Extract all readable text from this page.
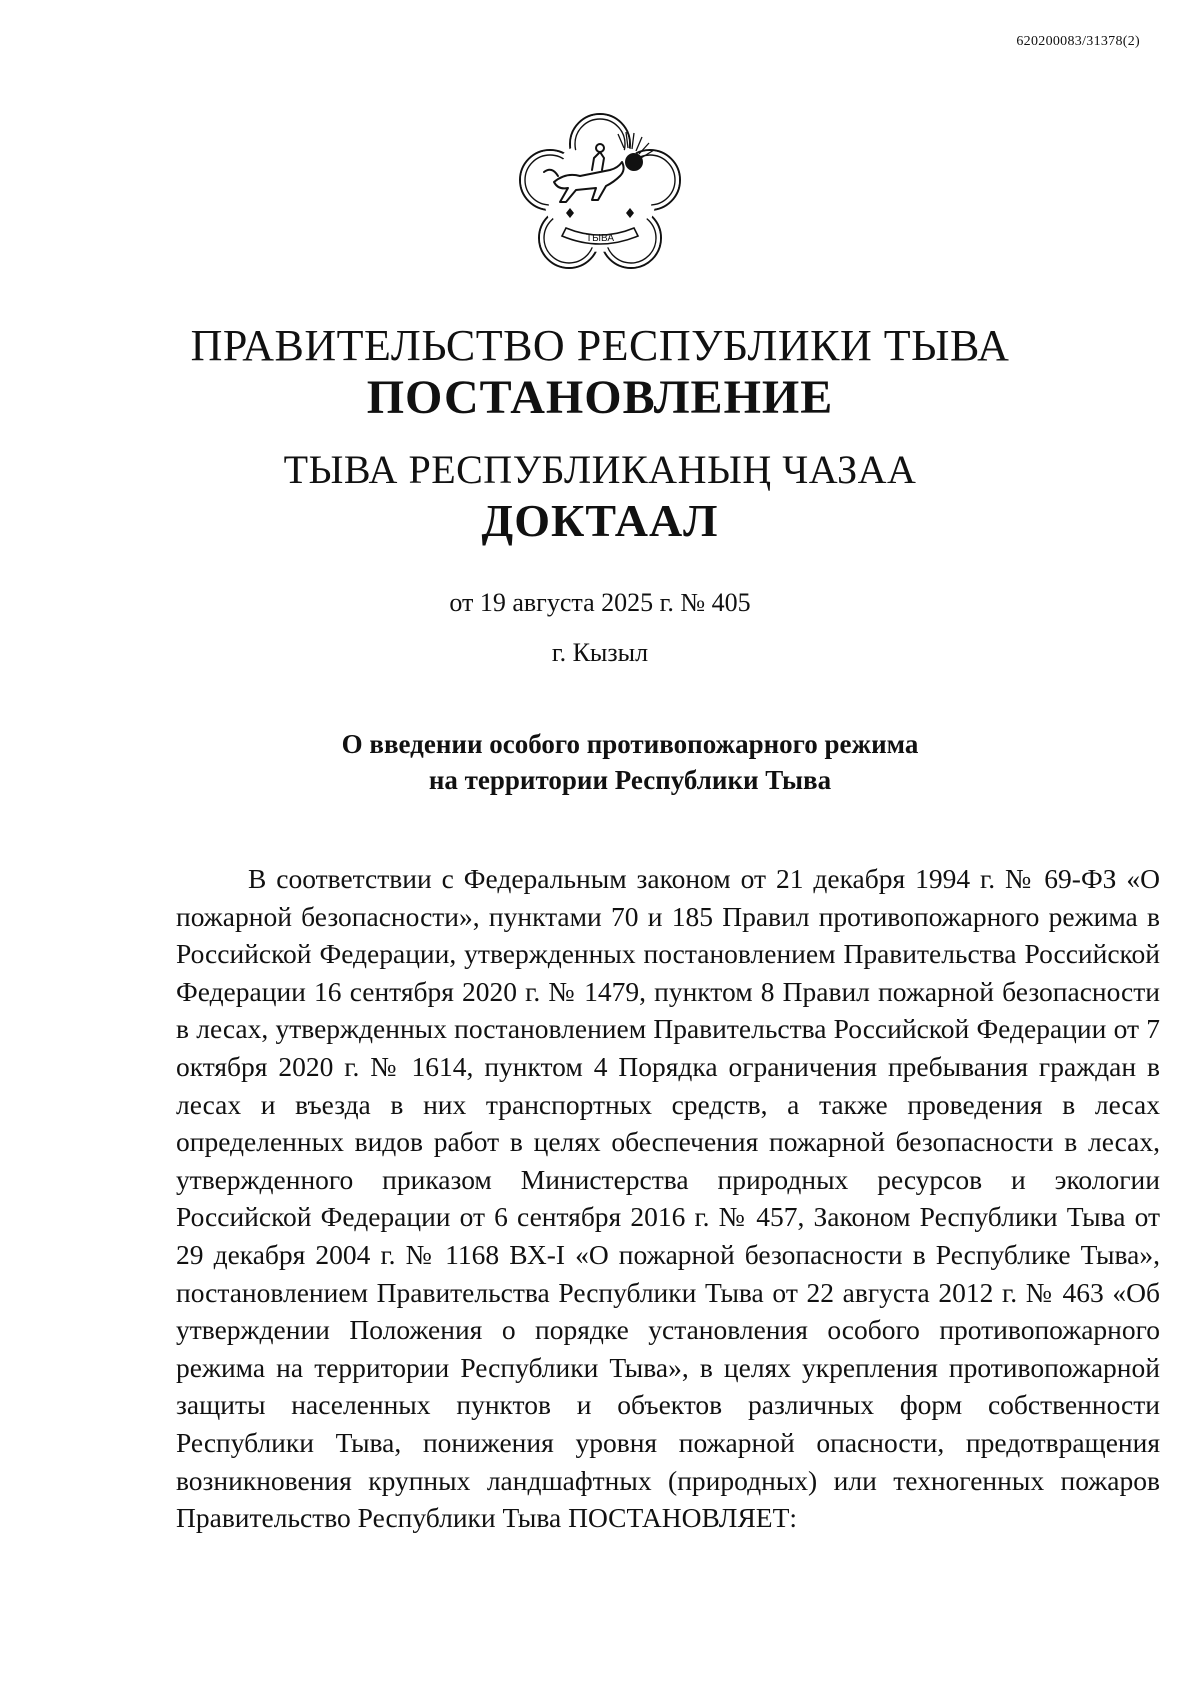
620200083/31378(2)
ТЫВА
ПРАВИТЕЛЬСТВО РЕСПУБЛИКИ ТЫВА
ПОСТАНОВЛЕНИЕ
ТЫВА РЕСПУБЛИКАНЫҢ ЧАЗАА
ДОКТААЛ
от 19 августа 2025 г. № 405
г. Кызыл
О введении особого противопожарного режима
на территории Республики Тыва
В соответствии с Федеральным законом от 21 декабря 1994 г. № 69-ФЗ «О пожарной безопасности», пунктами 70 и 185 Правил противопожарного режима в Российской Федерации, утвержденных постановлением Правительства Российской Федерации 16 сентября 2020 г. № 1479, пунктом 8 Правил пожарной безопасности в лесах, утвержденных постановлением Правительства Российской Федерации от 7 октября 2020 г. № 1614, пунктом 4 Порядка ограничения пребывания граждан в лесах и въезда в них транспортных средств, а также проведения в лесах определенных видов работ в целях обеспечения пожарной безопасности в лесах, утвержденного приказом Министерства природных ресурсов и экологии Российской Федерации от 6 сентября 2016 г. № 457, Законом Республики Тыва от 29 декабря 2004 г. № 1168 ВХ-I «О пожарной безопасности в Республике Тыва», постановлением Правительства Республики Тыва от 22 августа 2012 г. № 463 «Об утверждении Положения о порядке установления особого противопожарного режима на территории Республики Тыва», в целях укрепления противопожарной защиты населенных пунктов и объектов различных форм собственности Республики Тыва, понижения уровня пожарной опасности, предотвращения возникновения крупных ландшафтных (природных) или техногенных пожаров Правительство Республики Тыва ПОСТАНОВЛЯЕТ:
